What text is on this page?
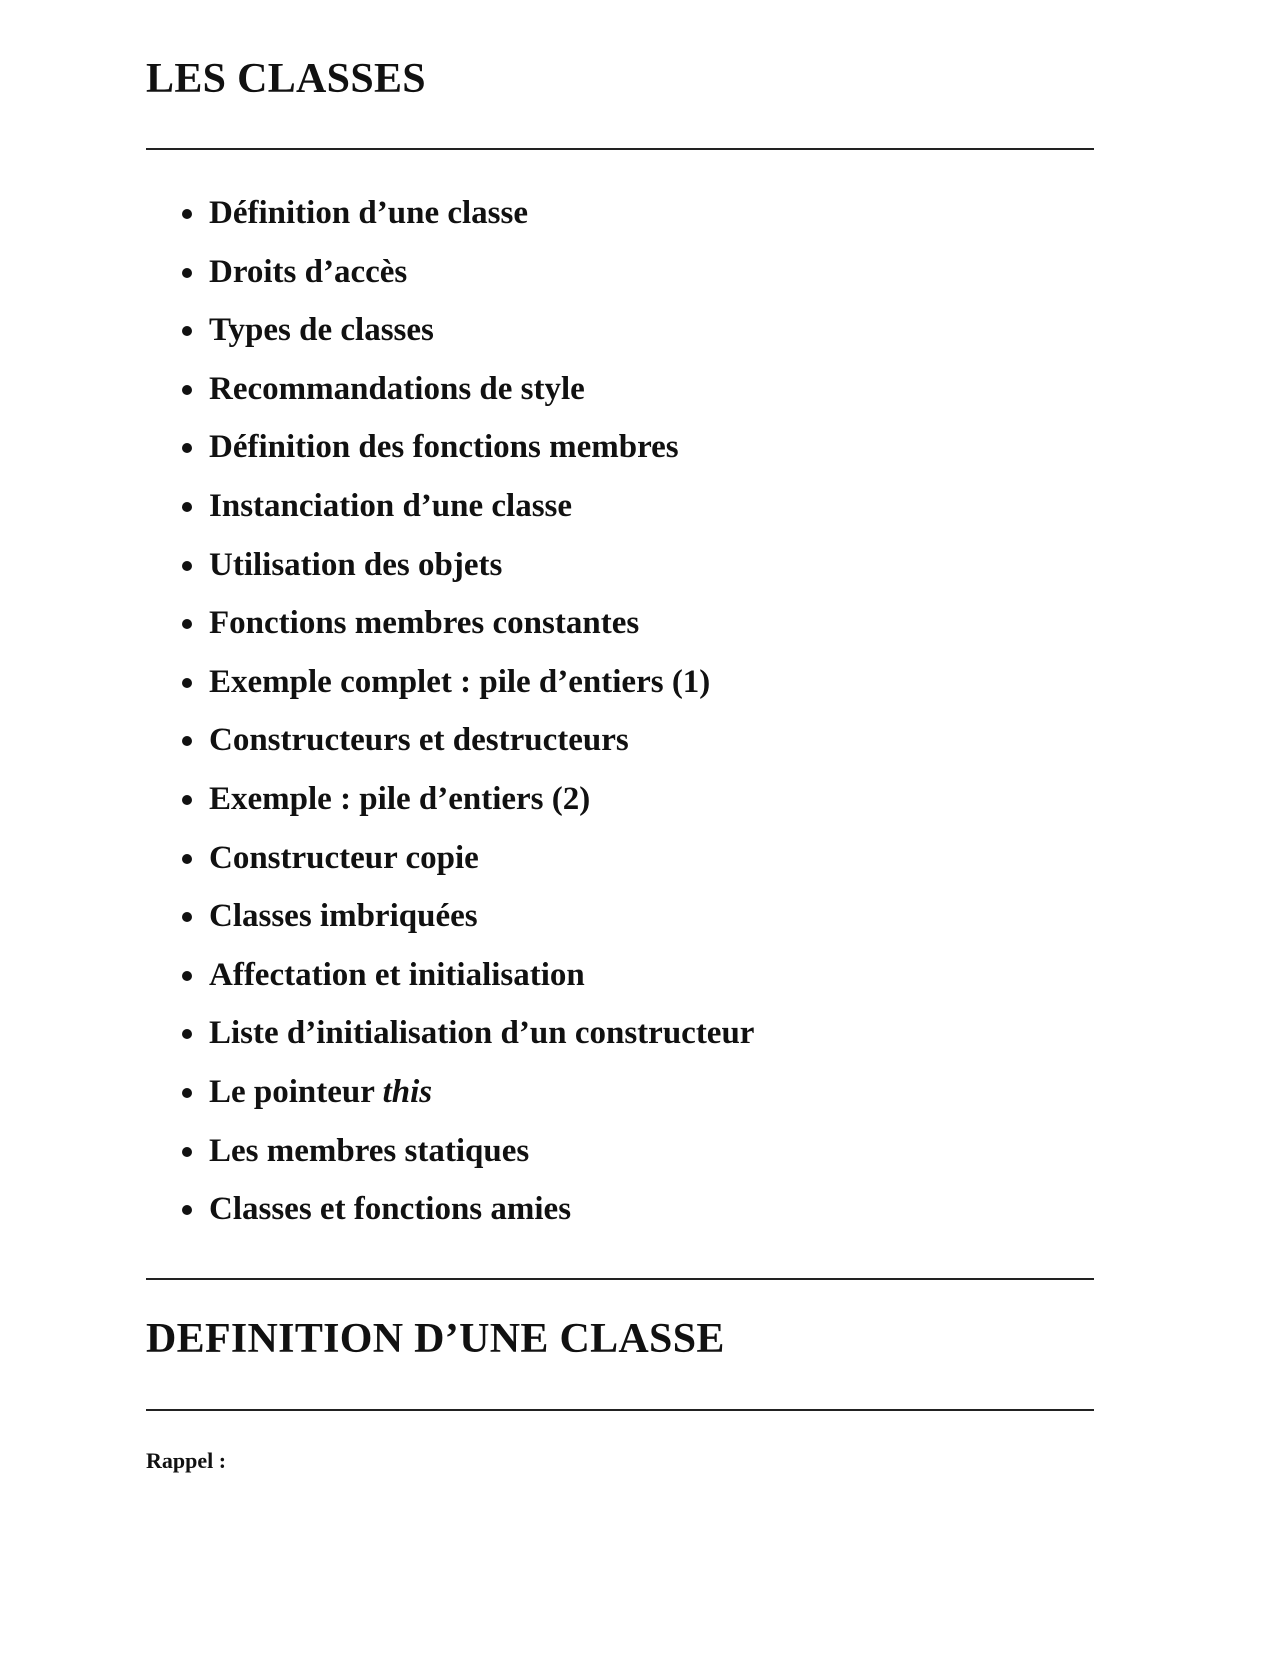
LES CLASSES
Définition d’une classe
Droits d’accès
Types de classes
Recommandations de style
Définition des fonctions membres
Instanciation d’une classe
Utilisation des objets
Fonctions membres constantes
Exemple complet : pile d’entiers (1)
Constructeurs et destructeurs
Exemple : pile d’entiers (2)
Constructeur copie
Classes imbriquées
Affectation et initialisation
Liste d’initialisation d’un constructeur
Le pointeur this
Les membres statiques
Classes et fonctions amies
DEFINITION D’UNE CLASSE

Rappel :
